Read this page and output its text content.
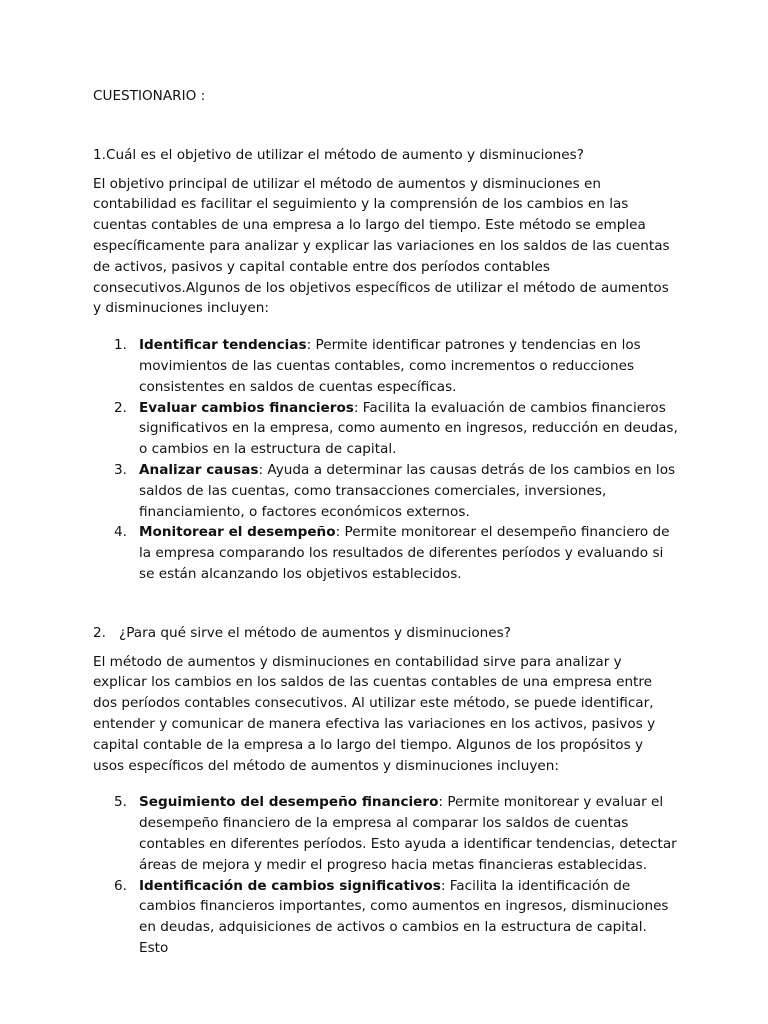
CUESTIONARIO :

1.Cuál es el objetivo de utilizar el método de aumento y disminuciones?

El objetivo principal de utilizar el método de aumentos y disminuciones en contabilidad es facilitar el seguimiento y la comprensión de los cambios en las cuentas contables de una empresa a lo largo del tiempo. Este método se emplea específicamente para analizar y explicar las variaciones en los saldos de las cuentas de activos, pasivos y capital contable entre dos períodos contables consecutivos.Algunos de los objetivos específicos de utilizar el método de aumentos y disminuciones incluyen:

1. Identificar tendencias: Permite identificar patrones y tendencias en los movimientos de las cuentas contables, como incrementos o reducciones consistentes en saldos de cuentas específicas.
2. Evaluar cambios financieros: Facilita la evaluación de cambios financieros significativos en la empresa, como aumento en ingresos, reducción en deudas, o cambios en la estructura de capital.
3. Analizar causas: Ayuda a determinar las causas detrás de los cambios en los saldos de las cuentas, como transacciones comerciales, inversiones, financiamiento, o factores económicos externos.
4. Monitorear el desempeño: Permite monitorear el desempeño financiero de la empresa comparando los resultados de diferentes períodos y evaluando si se están alcanzando los objetivos establecidos.

2. ¿Para qué sirve el método de aumentos y disminuciones?

El método de aumentos y disminuciones en contabilidad sirve para analizar y explicar los cambios en los saldos de las cuentas contables de una empresa entre dos períodos contables consecutivos. Al utilizar este método, se puede identificar, entender y comunicar de manera efectiva las variaciones en los activos, pasivos y capital contable de la empresa a lo largo del tiempo. Algunos de los propósitos y usos específicos del método de aumentos y disminuciones incluyen:

5. Seguimiento del desempeño financiero: Permite monitorear y evaluar el desempeño financiero de la empresa al comparar los saldos de cuentas contables en diferentes períodos. Esto ayuda a identificar tendencias, detectar áreas de mejora y medir el progreso hacia metas financieras establecidas.
6. Identificación de cambios significativos: Facilita la identificación de cambios financieros importantes, como aumentos en ingresos, disminuciones en deudas, adquisiciones de activos o cambios en la estructura de capital. Esto
